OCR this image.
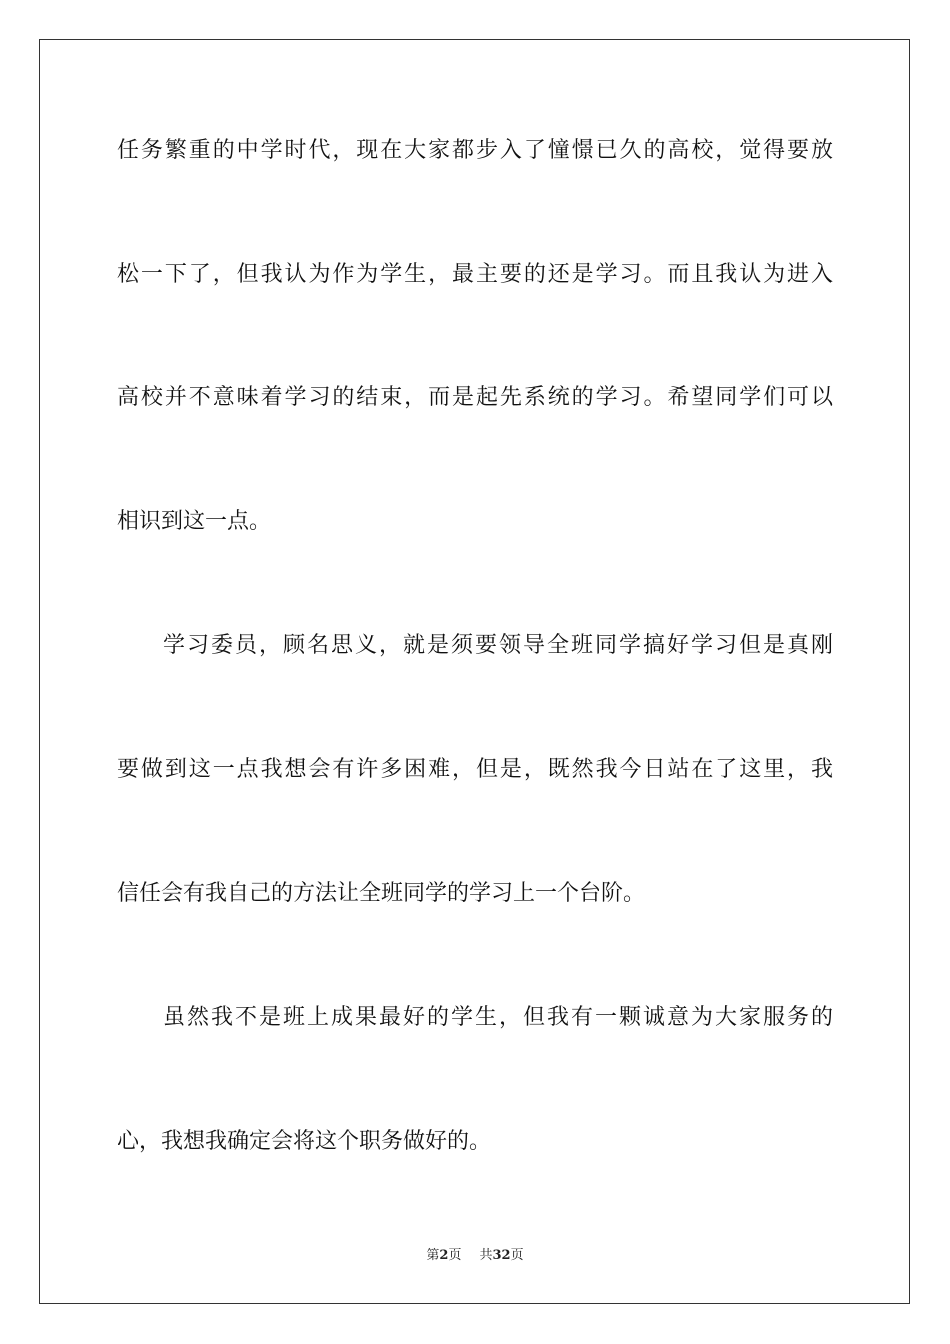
任务繁重的中学时代，现在大家都步入了憧憬已久的高校，觉得要放
松一下了，但我认为作为学生，最主要的还是学习。而且我认为进入
高校并不意味着学习的结束，而是起先系统的学习。希望同学们可以
相识到这一点。
学习委员，顾名思义，就是须要领导全班同学搞好学习但是真刚
要做到这一点我想会有许多困难，但是，既然我今日站在了这里，我
信任会有我自己的方法让全班同学的学习上一个台阶。
虽然我不是班上成果最好的学生，但我有一颗诚意为大家服务的
心，我想我确定会将这个职务做好的。
第2页 共32页
